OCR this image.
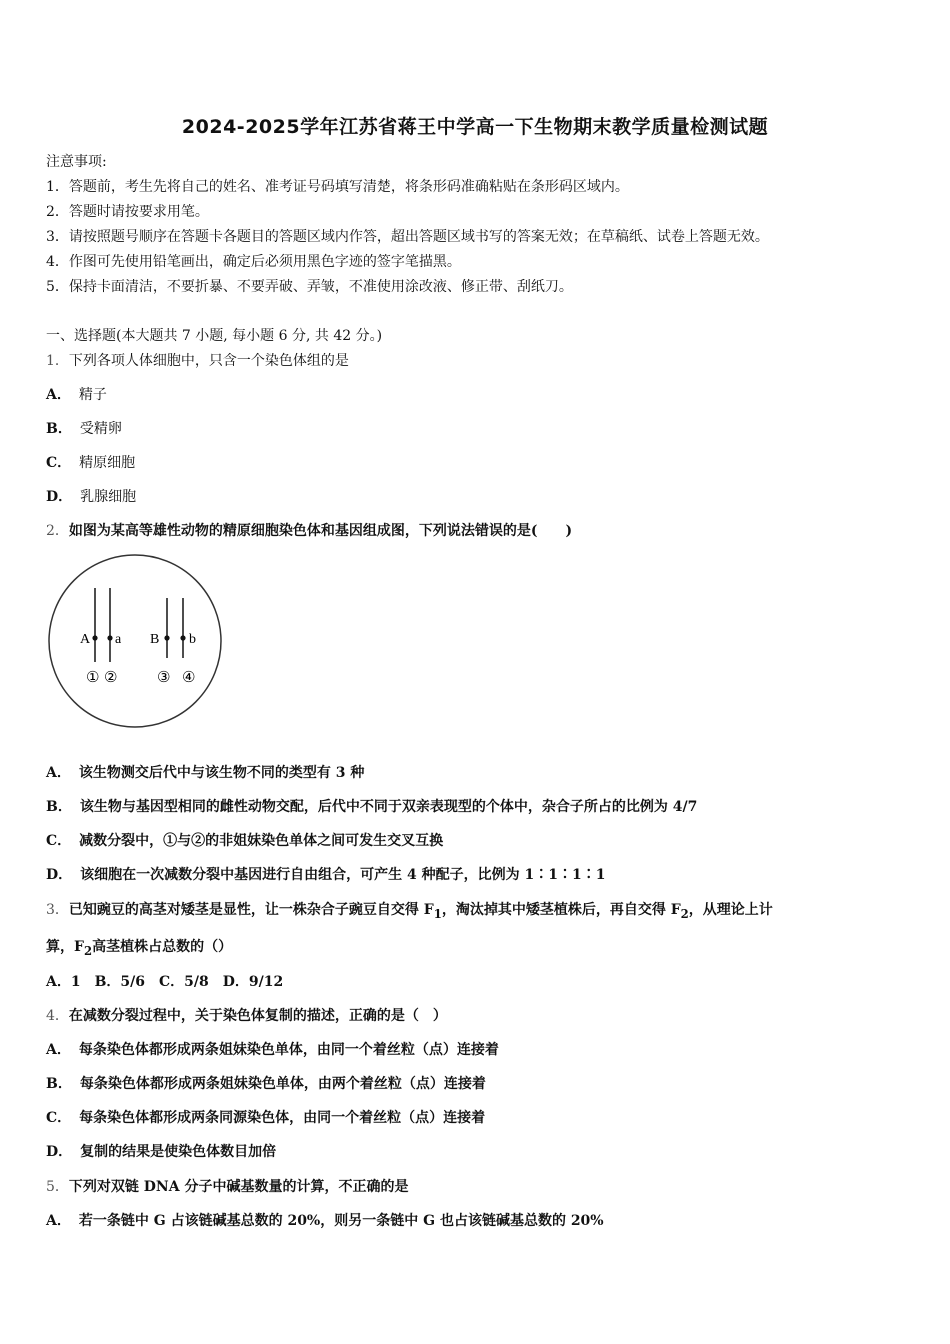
2024-2025学年江苏省蒋王中学高一下生物期末教学质量检测试题
注意事项:
1．答题前，考生先将自己的姓名、准考证号码填写清楚，将条形码准确粘贴在条形码区域内。
2．答题时请按要求用笔。
3．请按照题号顺序在答题卡各题目的答题区域内作答，超出答题区域书写的答案无效；在草稿纸、试卷上答题无效。
4．作图可先使用铅笔画出，确定后必须用黑色字迹的签字笔描黑。
5．保持卡面清洁，不要折暴、不要弄破、弄皱，不准使用涂改液、修正带、刮纸刀。
一、选择题(本大题共 7 小题, 每小题 6 分, 共 42 分。)
1．下列各项人体细胞中，只含一个染色体组的是
A． 精子
B． 受精卵
C． 精原细胞
D． 乳腺细胞
2．如图为某高等雄性动物的精原细胞染色体和基因组成图，下列说法错误的是(　　)
A a B b
① ②	③ ④
A． 该生物测交后代中与该生物不同的类型有 3 种
B． 该生物与基因型相同的雌性动物交配，后代中不同于双亲表现型的个体中，杂合子所占的比例为 4/7
C． 减数分裂中，①与②的非姐妹染色单体之间可发生交叉互换
D． 该细胞在一次减数分裂中基因进行自由组合，可产生 4 种配子，比例为 1∶1∶1∶1
3．已知豌豆的高茎对矮茎是显性，让一株杂合子豌豆自交得 $F_1$，淘汰掉其中矮茎植株后，再自交得 $F_2$，从理论上计
算，$F_2$高茎植株占总数的（）
A．1　B．5/6　C．5/8　D．9/12
4．在减数分裂过程中，关于染色体复制的描述，正确的是（　）
A． 每条染色体都形成两条姐妹染色单体，由同一个着丝粒（点）连接着
B． 每条染色体都形成两条姐妹染色单体，由两个着丝粒（点）连接着
C． 每条染色体都形成两条同源染色体，由同一个着丝粒（点）连接着
D． 复制的结果是使染色体数目加倍
5．下列对双链 DNA 分子中碱基数量的计算，不正确的是
A． 若一条链中 G 占该链碱基总数的 20%，则另一条链中 G 也占该链碱基总数的 20%
